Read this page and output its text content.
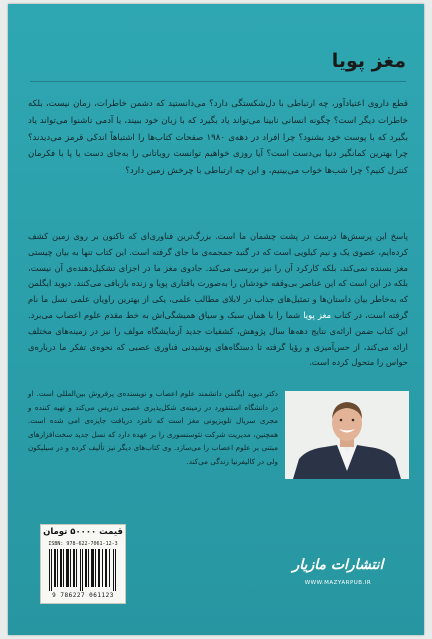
مغز پویا

قطع داروی اعتیادآور، چه ارتباطی با دل‌شکستگی دارد؟ می‌دانستید که دشمن خاطرات، زمان نیست، بلکه خاطرات دیگر است؟ چگونه انسانی نابینا می‌تواند یاد بگیرد که با زبان خود ببیند، یا آدمی ناشنوا می‌تواند یاد بگیرد که با پوست خود بشنود؟ چرا افراد در دهه‌ی ۱۹۸۰ صفحات کتاب‌ها را اشتباهاً اندکی قرمز می‌دیدند؟ چرا بهترین کمانگیر دنیا بی‌دست است؟ آیا روزی خواهیم توانست روباتانی را به‌جای دست یا پا با فکرمان کنترل کنیم؟ چرا شب‌ها خواب می‌بینیم، و این چه ارتباطی با چرخش زمین دارد؟

پاسخ این پرسش‌ها درست در پشت چشمان ما است. بزرگ‌ترین فناوری‌ای که تاکنون بر روی زمین کشف کرده‌ایم، عضوی یک و نیم کیلویی است که در گنبد جمجمه‌ی ما جای گرفته است. این کتاب تنها به بیان چیستی مغز بسنده نمی‌کند، بلکه کارکرد آن را نیز بررسی می‌کند. جادوی مغز ما در اجزای تشکیل‌دهنده‌ی آن نیست، بلکه در این است که این عناصر بی‌وقفه خودشان را به‌صورت بافتاری پویا و زنده بازبافی می‌کنند. دیوید ایگلمن که به‌خاطر بیان داستان‌ها و تمثیل‌های جذاب در لابلای مطالب علمی، یکی از بهترین راویان علمی نسل ما نام گرفته است، در کتاب مغز پویا شما را با همان سبک و سیاق همیشگی‌اش به خط مقدم علوم اعصاب می‌برد. این کتاب ضمن ارائه‌ی نتایج دهه‌ها سال پژوهش، کشفیات جدید آزمایشگاه مولف را نیز در زمینه‌های مختلف ارائه می‌کند، از حس‌آمیزی و رؤیا گرفته تا دستگاه‌های پوشیدنی فناوری عصبی که نحوه‌ی تفکر ما درباره‌ی حواس را متحول کرده است.

دکتر دیوید ایگلمن دانشمند علوم اعصاب و نویسنده‌ی پرفروش بین‌المللی است. او در دانشگاه استنفورد در زمینه‌ی شکل‌پذیری عصبی تدریس می‌کند و تهیه کننده و مجری سریال تلویزیونی مغز است که نامزد دریافت جایزه‌ی امی شده است. همچنین، مدیریت شرکت نئوسنسوری را بر عهده دارد که نسل جدید سخت‌افزارهای مبتنی بر علوم اعصاب را می‌سازد. وی کتاب‌های دیگر نیز تألیف کرده و در سیلیکون ولی در کالیفرنیا زندگی می‌کند.

قیمت ۵۰۰۰۰ تومان
ISBN: 978-622-7061-12-3
9 786227 061123
انتشارات مازیار
WWW.MAZYARPUB.IR
